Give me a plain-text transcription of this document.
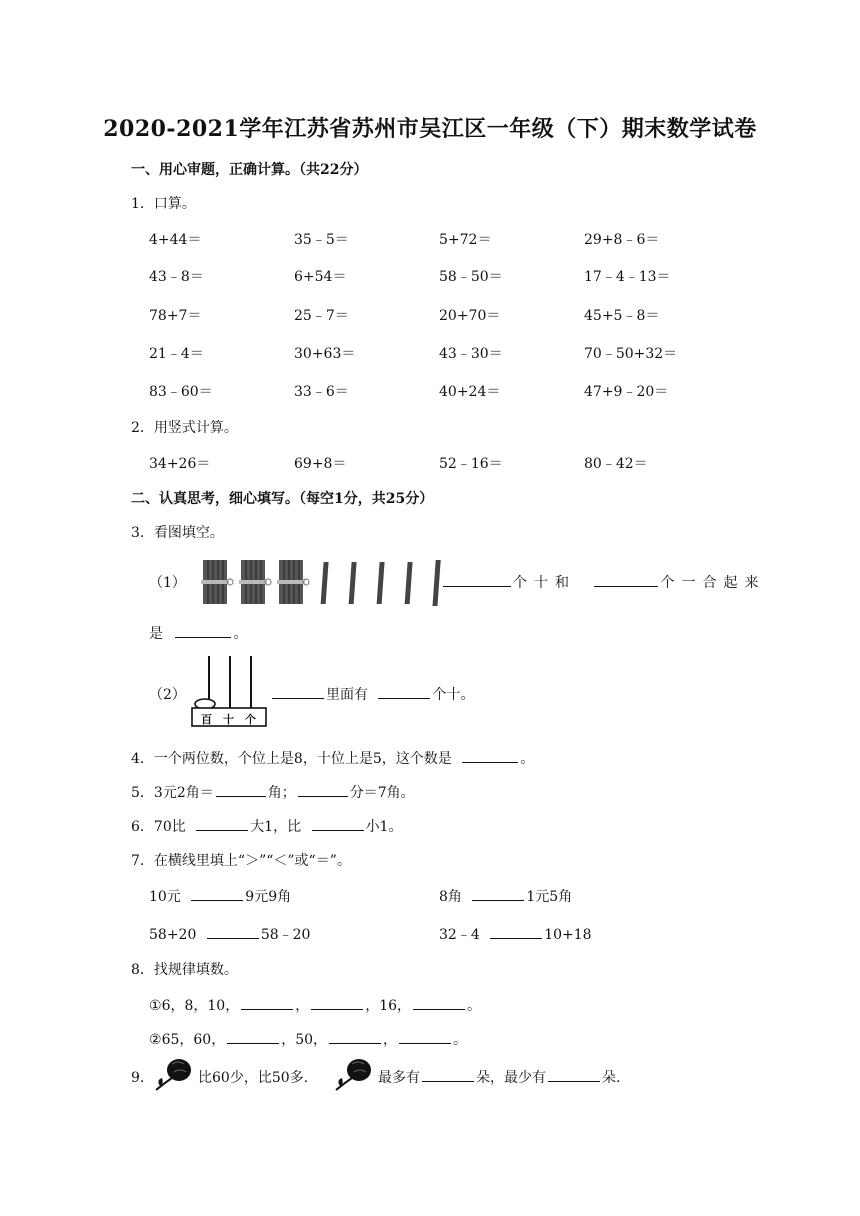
2020-2021学年江苏省苏州市吴江区一年级（下）期末数学试卷
一、用心审题，正确计算。（共22分）
1．口算。
4+44＝	35﹣5＝	5+72＝	29+8﹣6＝
43﹣8＝	6+54＝	58﹣50＝	17﹣4﹣13＝
78+7＝	25﹣7＝	20+70＝	45+5﹣8＝
21﹣4＝	30+63＝	43﹣30＝	70﹣50+32＝
83﹣60＝	33﹣6＝	40+24＝	47+9﹣20＝
2．用竖式计算。
34+26＝	69+8＝	52﹣16＝	80﹣42＝
二、认真思考，细心填写。（每空1分，共25分）
3．看图填空。
（1）	个十和	个一合起来
是	。
（2）
百 十 个
里面有	个十。
4．一个两位数，个位上是8，十位上是5，这个数是	。
5．3元2角＝	角；	分＝7角。
6．70比	大1，比	小1。
7．在横线里填上“＞”“＜”或“＝”。
10元	9元9角	8角	1元5角
58+20	58﹣20	32﹣4	10+18
8．找规律填数。
①6，8，10，	，	，16，	。
②65，60，	，50，	，	。
9．	比60少，比50多.	最多有	朵，最少有	朵.
